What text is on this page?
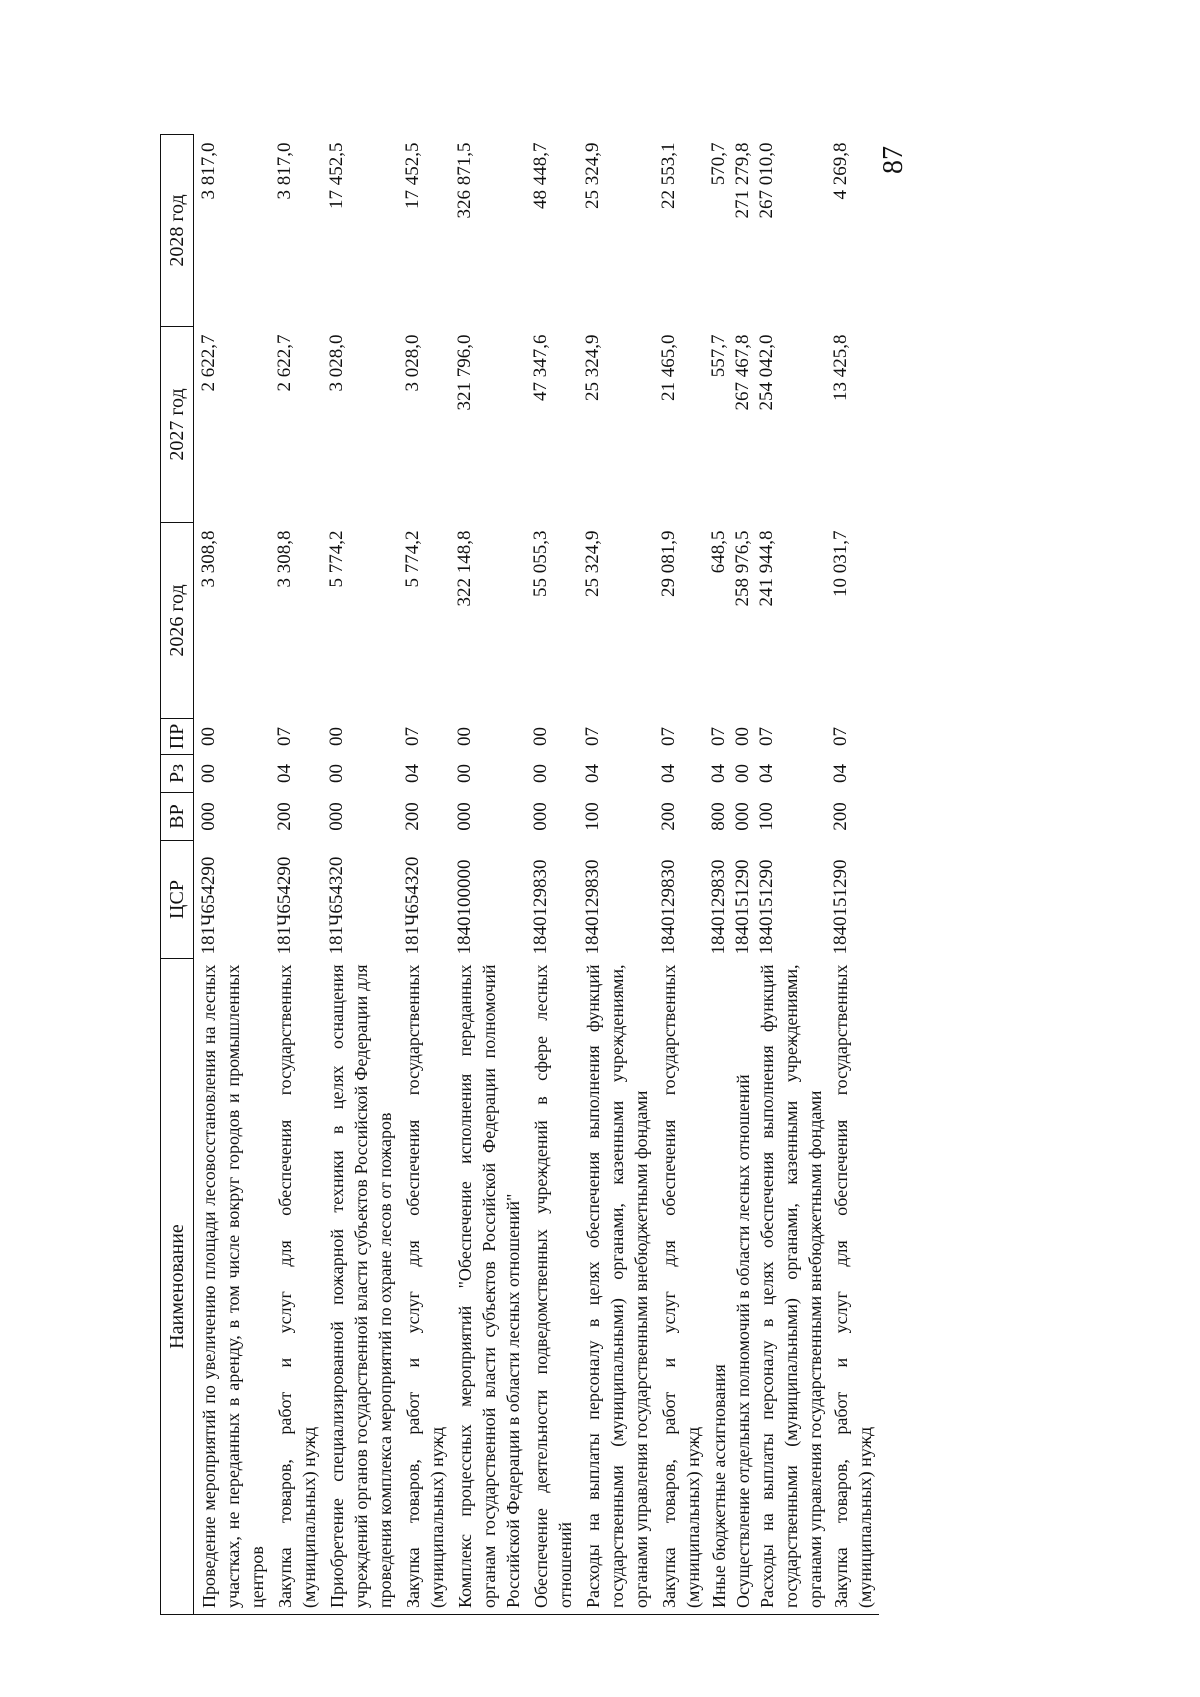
87
Наименование	ЦСР	ВР	Рз	ПР	2026 год	2027 год	2028 год
Проведение мероприятий по увеличению площади лесовосстановления на лесных участках, не переданных в аренду, в том числе вокруг городов и промышленных центров	181Ч654290	000	00	00	3 308,8	2 622,7	3 817,0
Закупка товаров, работ и услуг для обеспечения государственных (муниципальных) нужд	181Ч654290	200	04	07	3 308,8	2 622,7	3 817,0
Приобретение специализированной пожарной техники в целях оснащения учреждений органов государственной власти субъектов Российской Федерации для проведения комплекса мероприятий по охране лесов от пожаров	181Ч654320	000	00	00	5 774,2	3 028,0	17 452,5
Закупка товаров, работ и услуг для обеспечения государственных (муниципальных) нужд	181Ч654320	200	04	07	5 774,2	3 028,0	17 452,5
Комплекс процессных мероприятий "Обеспечение исполнения переданных органам государственной власти субъектов Российской Федерации полномочий Российской Федерации в области лесных отношений"	1840100000	000	00	00	322 148,8	321 796,0	326 871,5
Обеспечение деятельности подведомственных учреждений в сфере лесных отношений	1840129830	000	00	00	55 055,3	47 347,6	48 448,7
Расходы на выплаты персоналу в целях обеспечения выполнения функций государственными (муниципальными) органами, казенными учреждениями, органами управления государственными внебюджетными фондами	1840129830	100	04	07	25 324,9	25 324,9	25 324,9
Закупка товаров, работ и услуг для обеспечения государственных (муниципальных) нужд	1840129830	200	04	07	29 081,9	21 465,0	22 553,1
Иные бюджетные ассигнования	1840129830	800	04	07	648,5	557,7	570,7
Осуществление отдельных полномочий в области лесных отношений	1840151290	000	00	00	258 976,5	267 467,8	271 279,8
Расходы на выплаты персоналу в целях обеспечения выполнения функций государственными (муниципальными) органами, казенными учреждениями, органами управления государственными внебюджетными фондами	1840151290	100	04	07	241 944,8	254 042,0	267 010,0
Закупка товаров, работ и услуг для обеспечения государственных (муниципальных) нужд	1840151290	200	04	07	10 031,7	13 425,8	4 269,8
